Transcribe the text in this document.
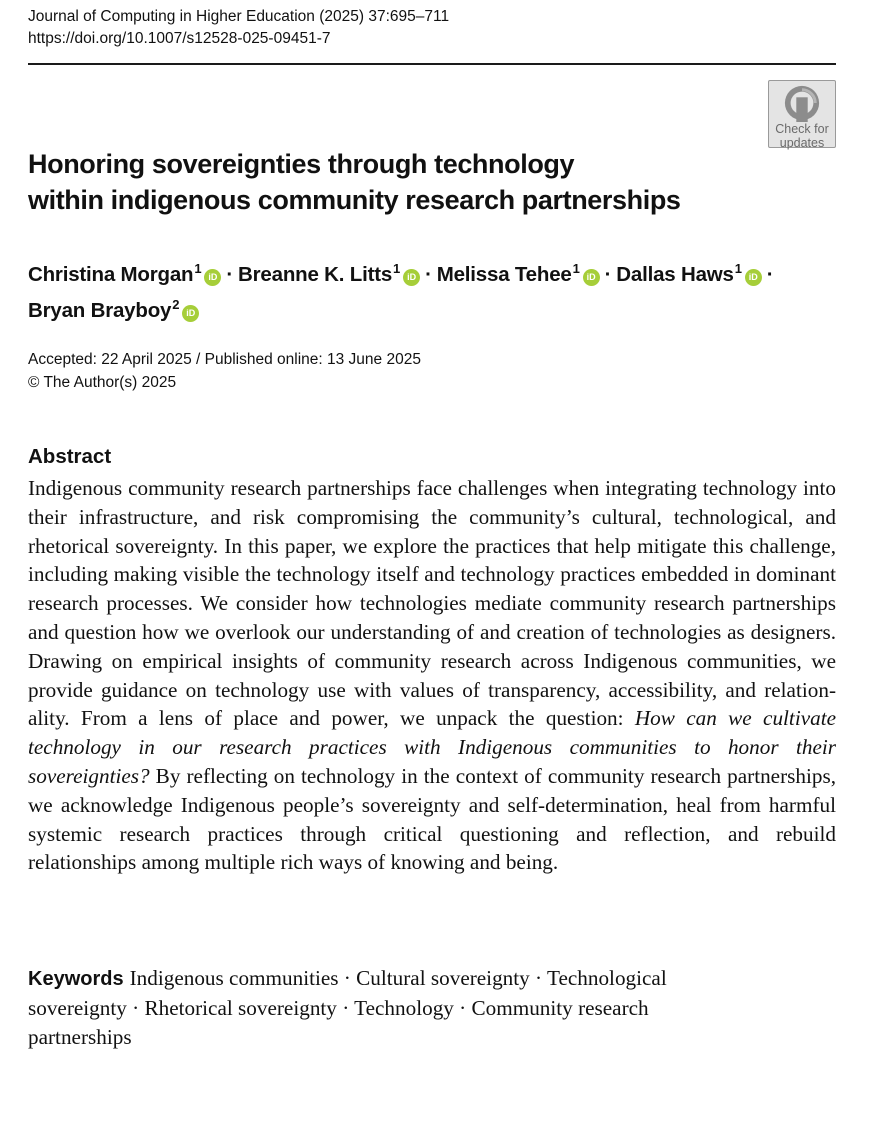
Journal of Computing in Higher Education (2025) 37:695–711
https://doi.org/10.1007/s12528-025-09451-7
Check for
updates
Honoring sovereignties through technology
within indigenous community research partnerships
Christina Morgan$^1$iD · Breanne K. Litts$^1$iD · Melissa Tehee$^1$iD · Dallas Haws$^1$iD ·
Bryan Brayboy$^2$iD
Accepted: 22 April 2025 / Published online: 13 June 2025
© The Author(s) 2025
Abstract
Indigenous community research partnerships face challenges when integrating technology into their infrastructure, and risk compromising the community’s cultural, technological, and rhetorical sovereignty. In this paper, we explore the practices that help mitigate this challenge, including making visible the technology itself and technology practices embedded in dominant research processes. We consider how technologies mediate community research partnerships and question how we overlook our understanding of and creation of technologies as designers. Drawing on empirical insights of community research across Indigenous communities, we provide guidance on technology use with values of transparency, accessibility, and relationality. From a lens of place and power, we unpack the question: How can we cultivate technology in our research practices with Indigenous communities to honor their sovereignties? By reflecting on technology in the context of community research partnerships, we acknowledge Indigenous people’s sovereignty and self-determination, heal from harmful systemic research practices through critical questioning and reflection, and rebuild relationships among multiple rich ways of knowing and being.
Keywords Indigenous communities · Cultural sovereignty · Technological sovereignty · Rhetorical sovereignty · Technology · Community research partnerships
